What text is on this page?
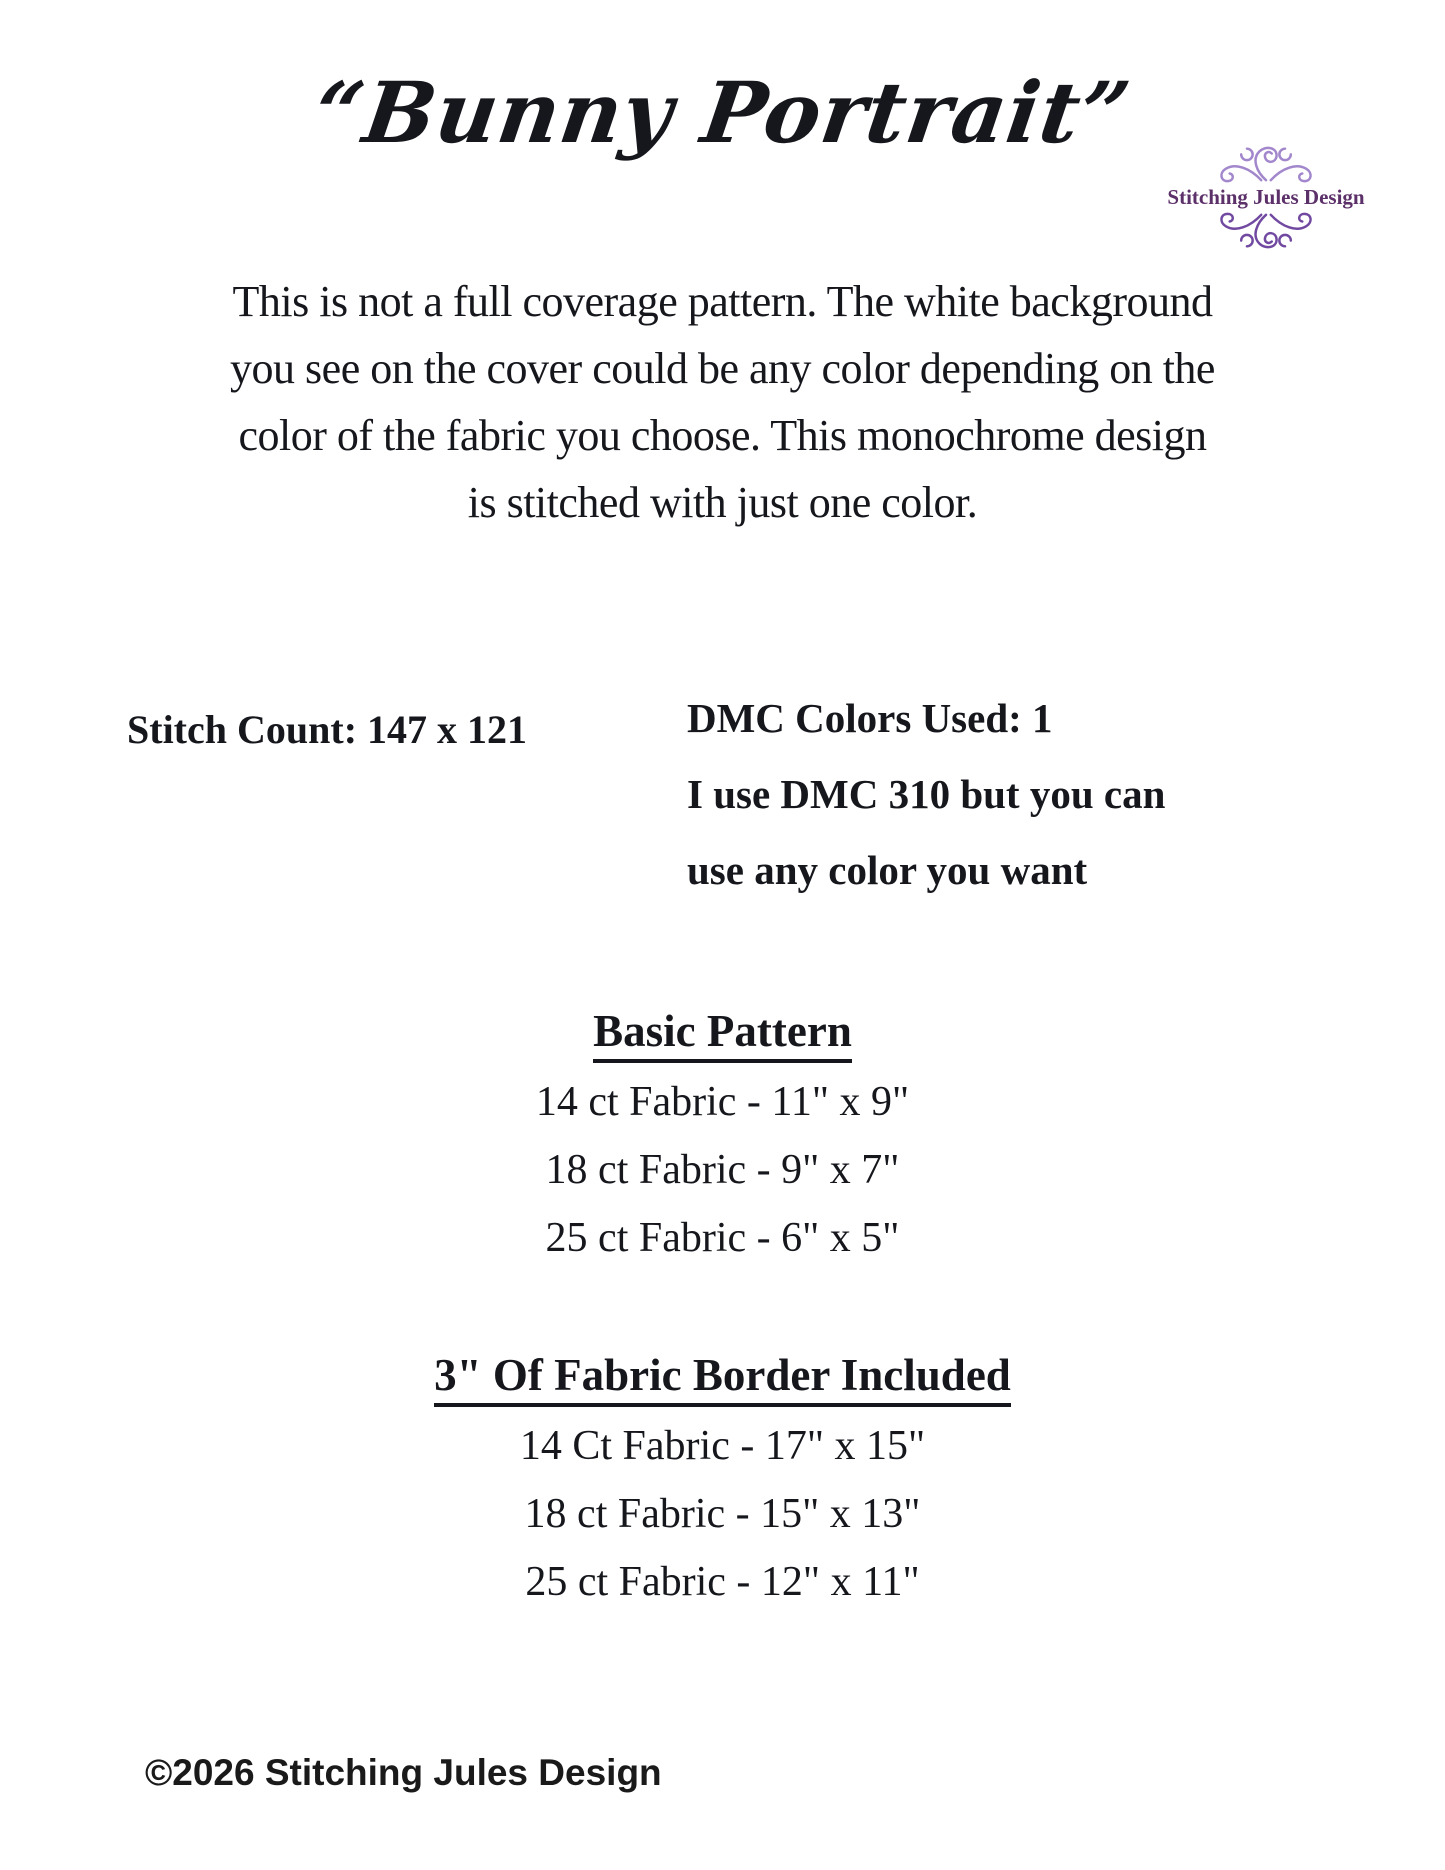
“Bunny Portrait”
Stitching Jules Design
This is not a full coverage pattern. The white background
you see on the cover could be any color depending on the
color of the fabric you choose. This monochrome design
is stitched with just one color.
Stitch Count: 147 x 121	DMC Colors Used: 1
I use DMC 310 but you can
use any color you want
Basic Pattern
14 ct Fabric - 11" x 9"
18 ct Fabric - 9" x 7"
25 ct Fabric - 6" x 5"
3" Of Fabric Border Included
14 Ct Fabric - 17" x 15"
18 ct Fabric - 15" x 13"
25 ct Fabric - 12" x 11"
©2026 Stitching Jules Design
